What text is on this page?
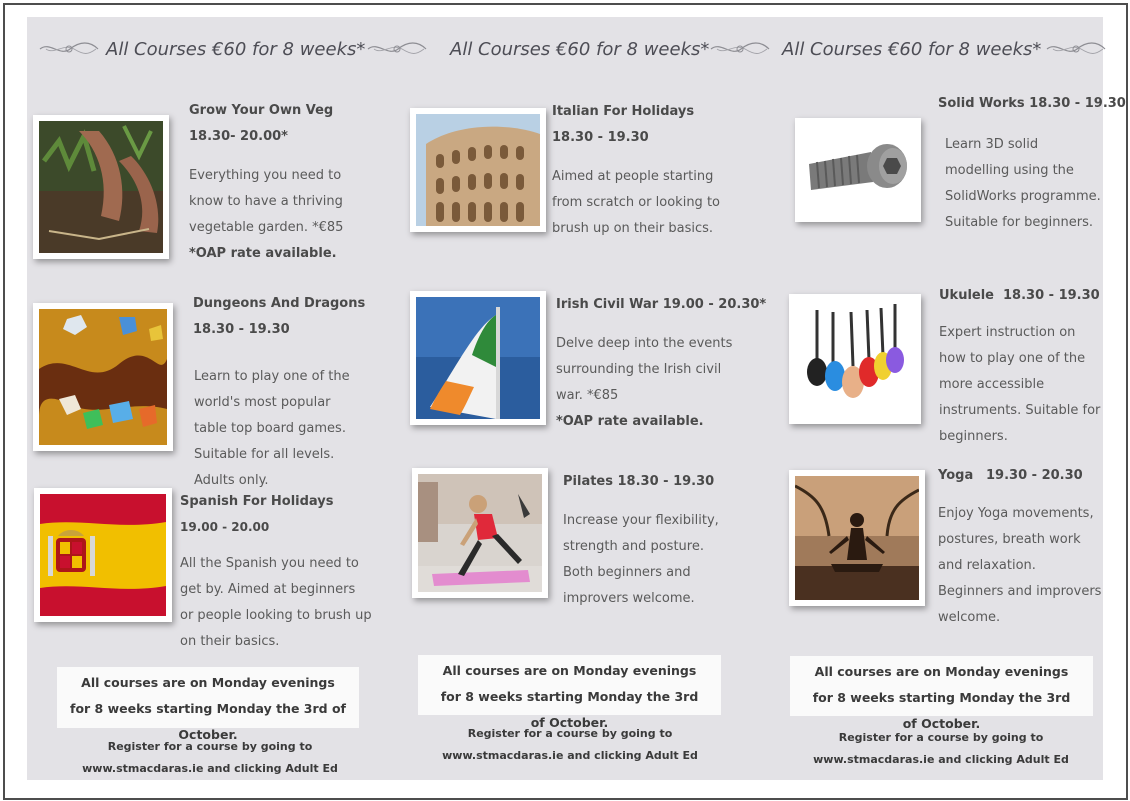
All Courses €60 for 8 weeks*	All Courses €60 for 8 weeks*	All Courses €60 for 8 weeks*
Grow Your Own Veg
18.30- 20.00*
Everything you need to know to have a thriving vegetable garden. *€85
*OAP rate available.
Dungeons And Dragons
18.30 - 19.30
Learn to play one of the world's most popular table top board games. Suitable for all levels. Adults only.
Spanish For Holidays
19.00 - 20.00
All the Spanish you need to get by. Aimed at beginners or people looking to brush up on their basics.
All courses are on Monday evenings for 8 weeks starting Monday the 3rd of October.
Register for a course by going to www.stmacdaras.ie and clicking Adult Ed
Italian For Holidays
18.30 - 19.30
Aimed at people starting from scratch or looking to brush up on their basics.
Irish Civil War 19.00 - 20.30*
Delve deep into the events surrounding the Irish civil war. *€85
*OAP rate available.
Pilates 18.30 - 19.30
Increase your flexibility, strength and posture. Both beginners and improvers welcome.
All courses are on Monday evenings for 8 weeks starting Monday the 3rd of October.
Register for a course by going to www.stmacdaras.ie and clicking Adult Ed
Solid Works 18.30 - 19.30
Learn 3D solid modelling using the SolidWorks programme. Suitable for beginners.
Ukulele 18.30 - 19.30
Expert instruction on how to play one of the more accessible instruments. Suitable for beginners.
Yoga 19.30 - 20.30
Enjoy Yoga movements, postures, breath work and relaxation. Beginners and improvers welcome.
All courses are on Monday evenings for 8 weeks starting Monday the 3rd of October.
Register for a course by going to www.stmacdaras.ie and clicking Adult Ed
